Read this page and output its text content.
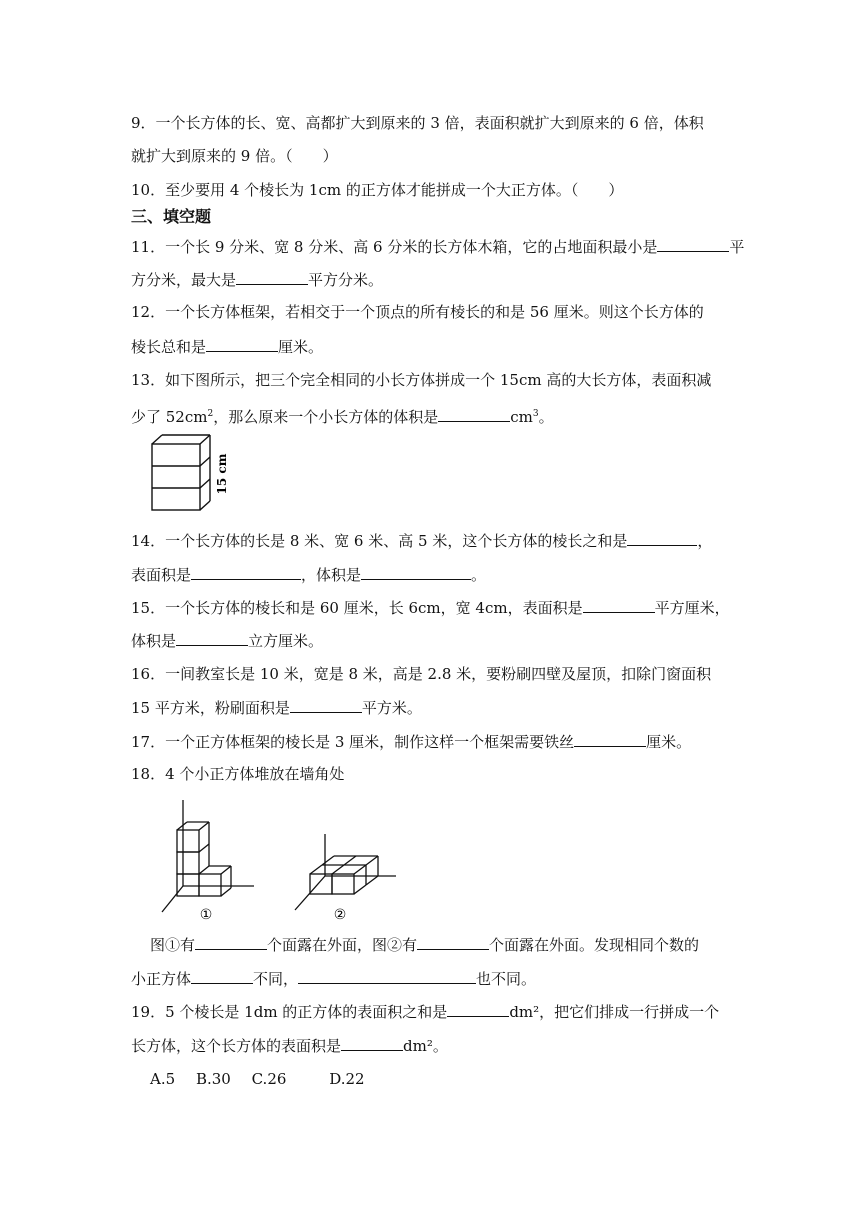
9．一个长方体的长、宽、高都扩大到原来的 3 倍，表面积就扩大到原来的 6 倍，体积
就扩大到原来的 9 倍。（　　）
10．至少要用 4 个棱长为 1cm 的正方体才能拼成一个大正方体。（　　）
三、填空题
11．一个长 9 分米、宽 8 分米、高 6 分米的长方体木箱，它的占地面积最小是	平
方分米，最大是	平方分米。
12．一个长方体框架，若相交于一个顶点的所有棱长的和是 56 厘米。则这个长方体的
棱长总和是	厘米。
13．如下图所示，把三个完全相同的小长方体拼成一个 15cm 高的大长方体，表面积减
少了 $52cm^2$，那么原来一个小长方体的体积是	$cm^3$。
15 cm
14．一个长方体的长是 8 米、宽 6 米、高 5 米，这个长方体的棱长之和是	，
表面积是	，体积是	。
15．一个长方体的棱长和是 60 厘米，长 6cm，宽 4cm，表面积是	平方厘米，
体积是	立方厘米。
16．一间教室长是 10 米，宽是 8 米，高是 2.8 米，要粉刷四壁及屋顶，扣除门窗面积
15 平方米，粉刷面积是	平方米。
17．一个正方体框架的棱长是 3 厘米，制作这样一个框架需要铁丝	厘米。
18．4 个小正方体堆放在墙角处
①	②
图①有	个面露在外面，图②有	个面露在外面。发现相同个数的
小正方体	不同，	也不同。
19．5 个棱长是 1dm 的正方体的表面积之和是	dm²，把它们排成一行拼成一个
长方体，这个长方体的表面积是	dm²。
A.5 B.30 C.26	D.22
